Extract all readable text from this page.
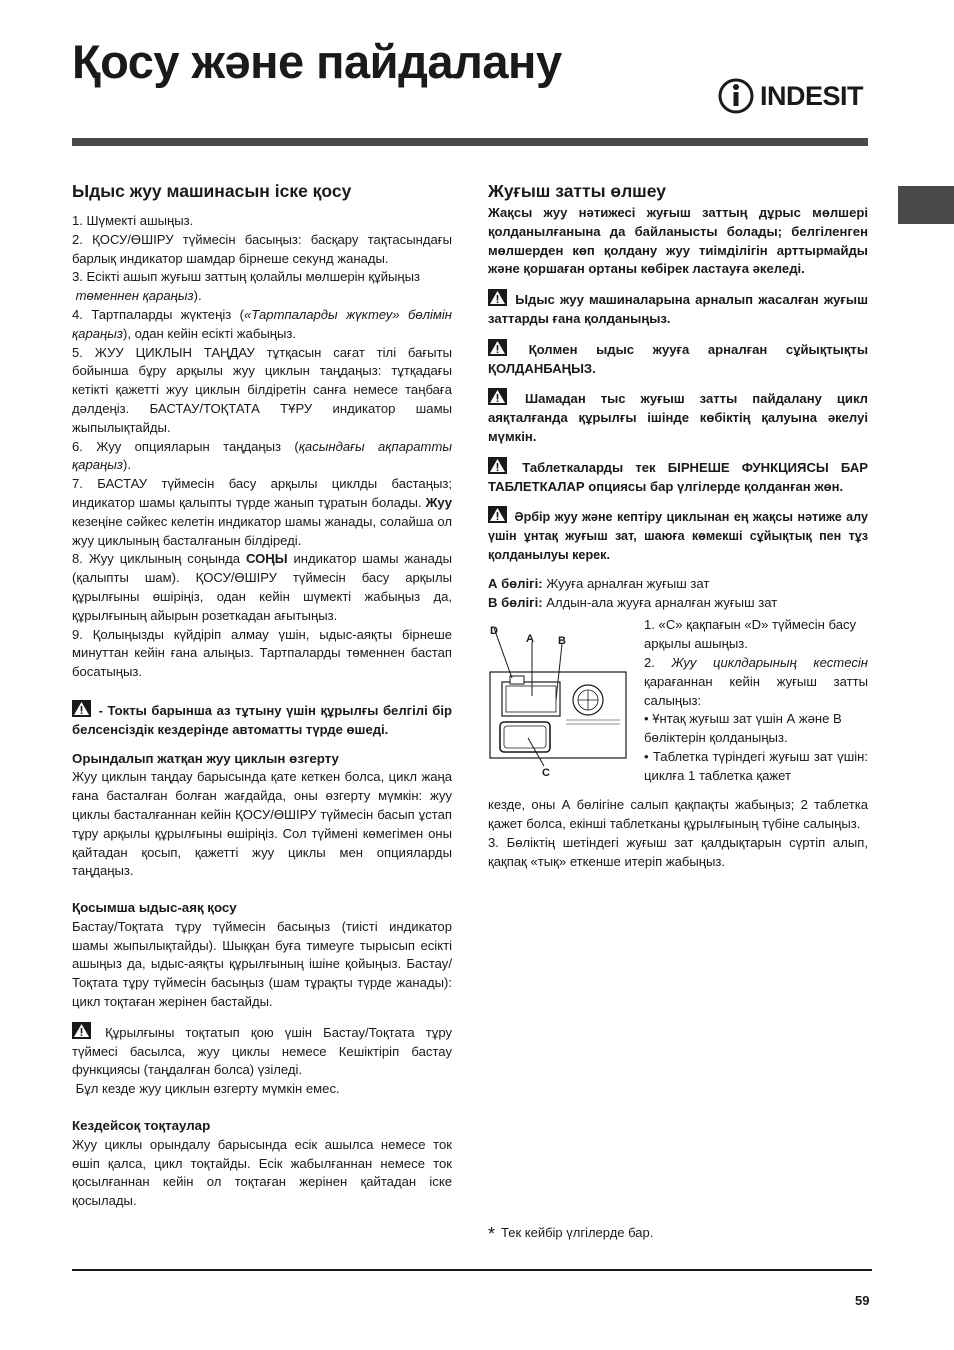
Қосу және пайдалану
INDESIT
Ыдыс жуу машинасын іске қосу

1. Шүмекті ашыңыз.

2. ҚОСУ/ӨШІРУ түймесін басыңыз: басқару тақтасындағы барлық индикатор шамдар бірнеше секунд жанады.

3. Есікті ашып жуғыш заттың қолайлы мөлшерін құйыңыз
төменнен қараңыз).

4. Тартпаларды жүктеңіз («Тартпаларды жүктеу» бөлімін қараңыз), одан кейін есікті жабыңыз.

5. ЖУУ ЦИКЛЫН ТАҢДАУ тұтқасын сағат тілі бағыты бойынша бұру арқылы жуу циклын таңдаңыз: тұтқадағы кетікті қажетті жуу циклын білдіретін санға немесе таңбаға дәлдеңіз. БАСТАУ/ТОҚТАТА ТҰРУ индикатор шамы жыпылықтайды.

6. Жуу опцияларын таңдаңыз (қасындағы ақпаратты қараңыз).

7. БАСТАУ түймесін басу арқылы циклды бастаңыз; индикатор шамы қалыпты түрде жанып тұратын болады. Жуу кезеңіне сәйкес келетін индикатор шамы жанады, солайша ол жуу циклының басталғанын білдіреді.

8. Жуу циклының соңында СОҢЫ индикатор шамы жанады (қалыпты шам). ҚОСУ/ӨШІРУ түймесін басу арқылы құрылғыны өшіріңіз, одан кейін шүмекті жабыңыз да, құрылғының айырын розеткадан ағытыңыз.

9. Қолыңызды күйдіріп алмау үшін, ыдыс-аяқты бірнеше минуттан кейін ғана алыңыз. Тартпаларды төменнен бастап босатыңыз.

- Токты барынша аз тұтыну үшін құрылғы белгілі бір белсенсіздік кездерінде автоматты түрде өшеді.

Орындалып жатқан жуу циклын өзгерту

Жуу циклын таңдау барысында қате кеткен болса, цикл жаңа ғана басталған болған жағдайда, оны өзгерту мүмкін: жуу циклы басталғаннан кейін ҚОСУ/ӨШІРУ түймесін басып ұстап тұру арқылы құрылғыны өшіріңіз. Сол түймені көмегімен оны қайтадан қосып, қажетті жуу циклы мен опцияларды таңдаңыз.

Қосымша ыдыс-аяқ қосу

Бастау/Тоқтата тұру түймесін басыңыз (тиісті индикатор шамы жыпылықтайды). Шыққан буға тимеуге тырысып есікті ашыңыз да, ыдыс-аяқты құрылғының ішіне қойыңыз. Бастау/Тоқтата тұру түймесін басыңыз (шам тұрақты түрде жанады): цикл тоқтаған жерінен бастайды.

Құрылғыны тоқтатып қою үшін Бастау/Тоқтата тұру түймесі басылса, жуу циклы немесе Кешіктіріп бастау функциясы (таңдалған болса) үзіледі.

Бұл кезде жуу циклын өзгерту мүмкін емес.

Кездейсоқ тоқтаулар

Жуу циклы орындалу барысында есік ашылса немесе ток өшіп қалса, цикл тоқтайды. Есік жабылғаннан немесе ток қосылғаннан кейін ол тоқтаған жерінен қайтадан іске қосылады.

Жуғыш затты өлшеу

Жақсы жуу нәтижесі жуғыш заттың дұрыс мөлшері қолданылғанына да байланысты болады; белгіленген мөлшерден көп қолдану жуу тиімділігін арттырмайды және қоршаған ортаны көбірек ластауға әкеледі.

Ыдыс жуу машиналарына арналып жасалған жуғыш заттарды ғана қолданыңыз.

Қолмен ыдыс жууға арналған сұйықтықты ҚОЛДАНБАҢЫЗ.

Шамадан тыс жуғыш затты пайдалану цикл аяқталғанда құрылғы ішінде көбіктің қалуына әкелуі мүмкін.

Таблеткаларды тек БІРНЕШЕ ФУНКЦИЯСЫ БАР ТАБЛЕТКАЛАР опциясы бар үлгілерде қолданған жөн.

Әрбір жуу және кептіру циклынан ең жақсы нәтиже алу үшін ұнтақ жуғыш зат, шаюға көмекші сұйықтық пен тұз қолданылуы керек.

А бөлігі: Жууға арналған жуғыш зат

В бөлігі: Алдын-ала жууға арналған жуғыш зат

D
A B
C

1. «С» қақпағын «D» түймесін басу арқылы ашыңыз.

2. Жуу циклдарының кестесін қарағаннан кейін жуғыш затты салыңыз:

• Ұнтақ жуғыш зат үшін А және В бөліктерін қолданыңыз.

• Таблетка түріндегі жуғыш зат үшін: циклға 1 таблетка қажет

кезде, оны А бөлігіне салып қақпақты жабыңыз; 2 таблетка қажет болса, екінші таблетканы құрылғының түбіне салыңыз.

3. Бөліктің шетіндегі жуғыш зат қалдықтарын сүртіп алып, қақпақ «тық» еткенше итеріп жабыңыз.

* Тек кейбір үлгілерде бар.
59
